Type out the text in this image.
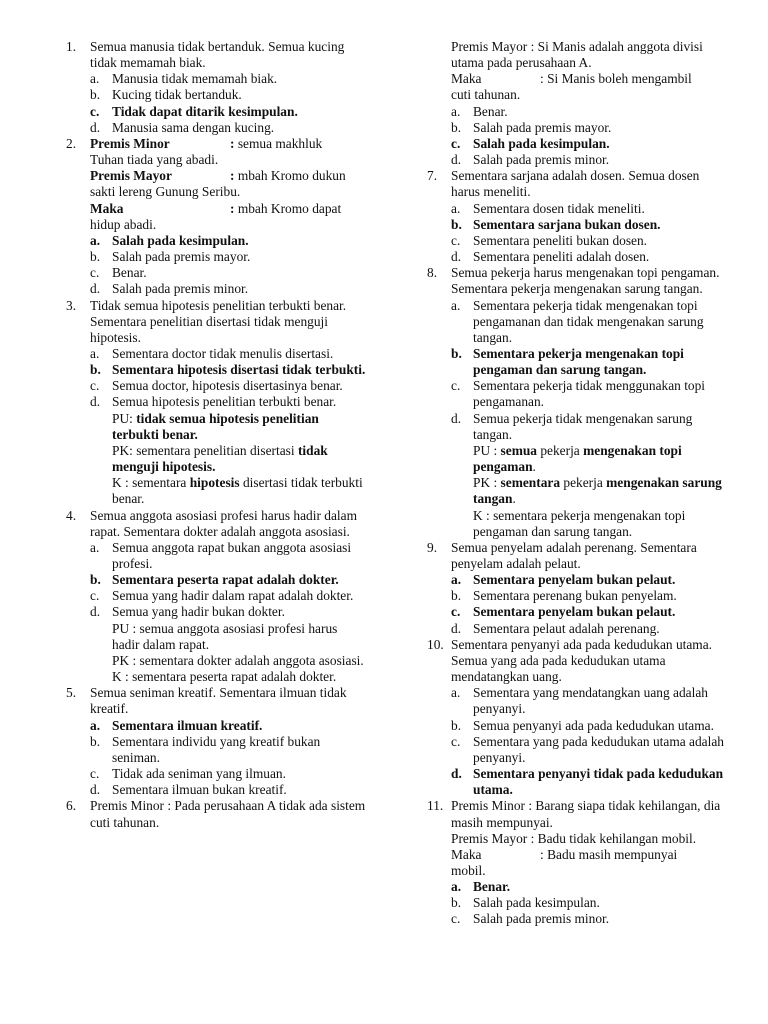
1.	Semua manusia tidak bertanduk. Semua kucing tidak memamah biak.
a. Manusia tidak memamah biak.
b. Kucing tidak bertanduk.
c. Tidak dapat ditarik kesimpulan.
d. Manusia sama dengan kucing.
2.	Premis Minor	: semua makhluk
Tuhan tiada yang abadi.
Premis Mayor	: mbah Kromo dukun
sakti lereng Gunung Seribu.
Maka	: mbah Kromo dapat
hidup abadi.
a. Salah pada kesimpulan.
b. Salah pada premis mayor.
c. Benar.
d. Salah pada premis minor.
3.	Tidak semua hipotesis penelitian terbukti benar. Sementara penelitian disertasi tidak menguji hipotesis.
a. Sementara doctor tidak menulis disertasi.
b. Sementara hipotesis disertasi tidak terbukti.
c. Semua doctor, hipotesis disertasinya benar.
d. Semua hipotesis penelitian terbukti benar.
PU: tidak semua hipotesis penelitian terbukti benar.
PK: sementara penelitian disertasi tidak menguji hipotesis.
K : sementara hipotesis disertasi tidak terbukti benar.
4.	Semua anggota asosiasi profesi harus hadir dalam rapat. Sementara dokter adalah anggota asosiasi.
a. Semua anggota rapat bukan anggota asosiasi profesi.
b. Sementara peserta rapat adalah dokter.
c. Semua yang hadir dalam rapat adalah dokter.
d. Semua yang hadir bukan dokter.
PU : semua anggota asosiasi profesi harus hadir dalam rapat.
PK : sementara dokter adalah anggota asosiasi.
K : sementara peserta rapat adalah dokter.
5.	Semua seniman kreatif. Sementara ilmuan tidak kreatif.
a. Sementara ilmuan kreatif.
b. Sementara individu yang kreatif bukan seniman.
c. Tidak ada seniman yang ilmuan.
d. Sementara ilmuan bukan kreatif.
6.	Premis Minor : Pada perusahaan A tidak ada sistem cuti tahunan.
Premis Mayor : Si Manis adalah anggota divisi utama pada perusahaan A.
Maka	: Si Manis boleh mengambil
cuti tahunan.
a. Benar.
b. Salah pada premis mayor.
c. Salah pada kesimpulan.
d. Salah pada premis minor.
7.	Sementara sarjana adalah dosen. Semua dosen harus meneliti.
a. Sementara dosen tidak meneliti.
b. Sementara sarjana bukan dosen.
c. Sementara peneliti bukan dosen.
d. Sementara peneliti adalah dosen.
8.	Semua pekerja harus mengenakan topi pengaman. Sementara pekerja mengenakan sarung tangan.
a. Sementara pekerja tidak mengenakan topi pengamanan dan tidak mengenakan sarung tangan.
b. Sementara pekerja mengenakan topi pengaman dan sarung tangan.
c. Sementara pekerja tidak menggunakan topi pengamanan.
d. Semua pekerja tidak mengenakan sarung tangan.
PU : semua pekerja mengenakan topi pengaman.
PK : sementara pekerja mengenakan sarung tangan.
K : sementara pekerja mengenakan topi pengaman dan sarung tangan.
9.	Semua penyelam adalah perenang. Sementara penyelam adalah pelaut.
a. Sementara penyelam bukan pelaut.
b. Sementara perenang bukan penyelam.
c. Sementara penyelam bukan pelaut.
d. Sementara pelaut adalah perenang.
10. Sementara penyanyi ada pada kedudukan utama. Semua yang ada pada kedudukan utama mendatangkan uang.
a. Sementara yang mendatangkan uang adalah penyanyi.
b. Semua penyanyi ada pada kedudukan utama.
c. Sementara yang pada kedudukan utama adalah penyanyi.
d. Sementara penyanyi tidak pada kedudukan utama.
11. Premis Minor : Barang siapa tidak kehilangan, dia masih mempunyai.
Premis Mayor : Badu tidak kehilangan mobil.
Maka	: Badu masih mempunyai
mobil.
a. Benar.
b. Salah pada kesimpulan.
c. Salah pada premis minor.
